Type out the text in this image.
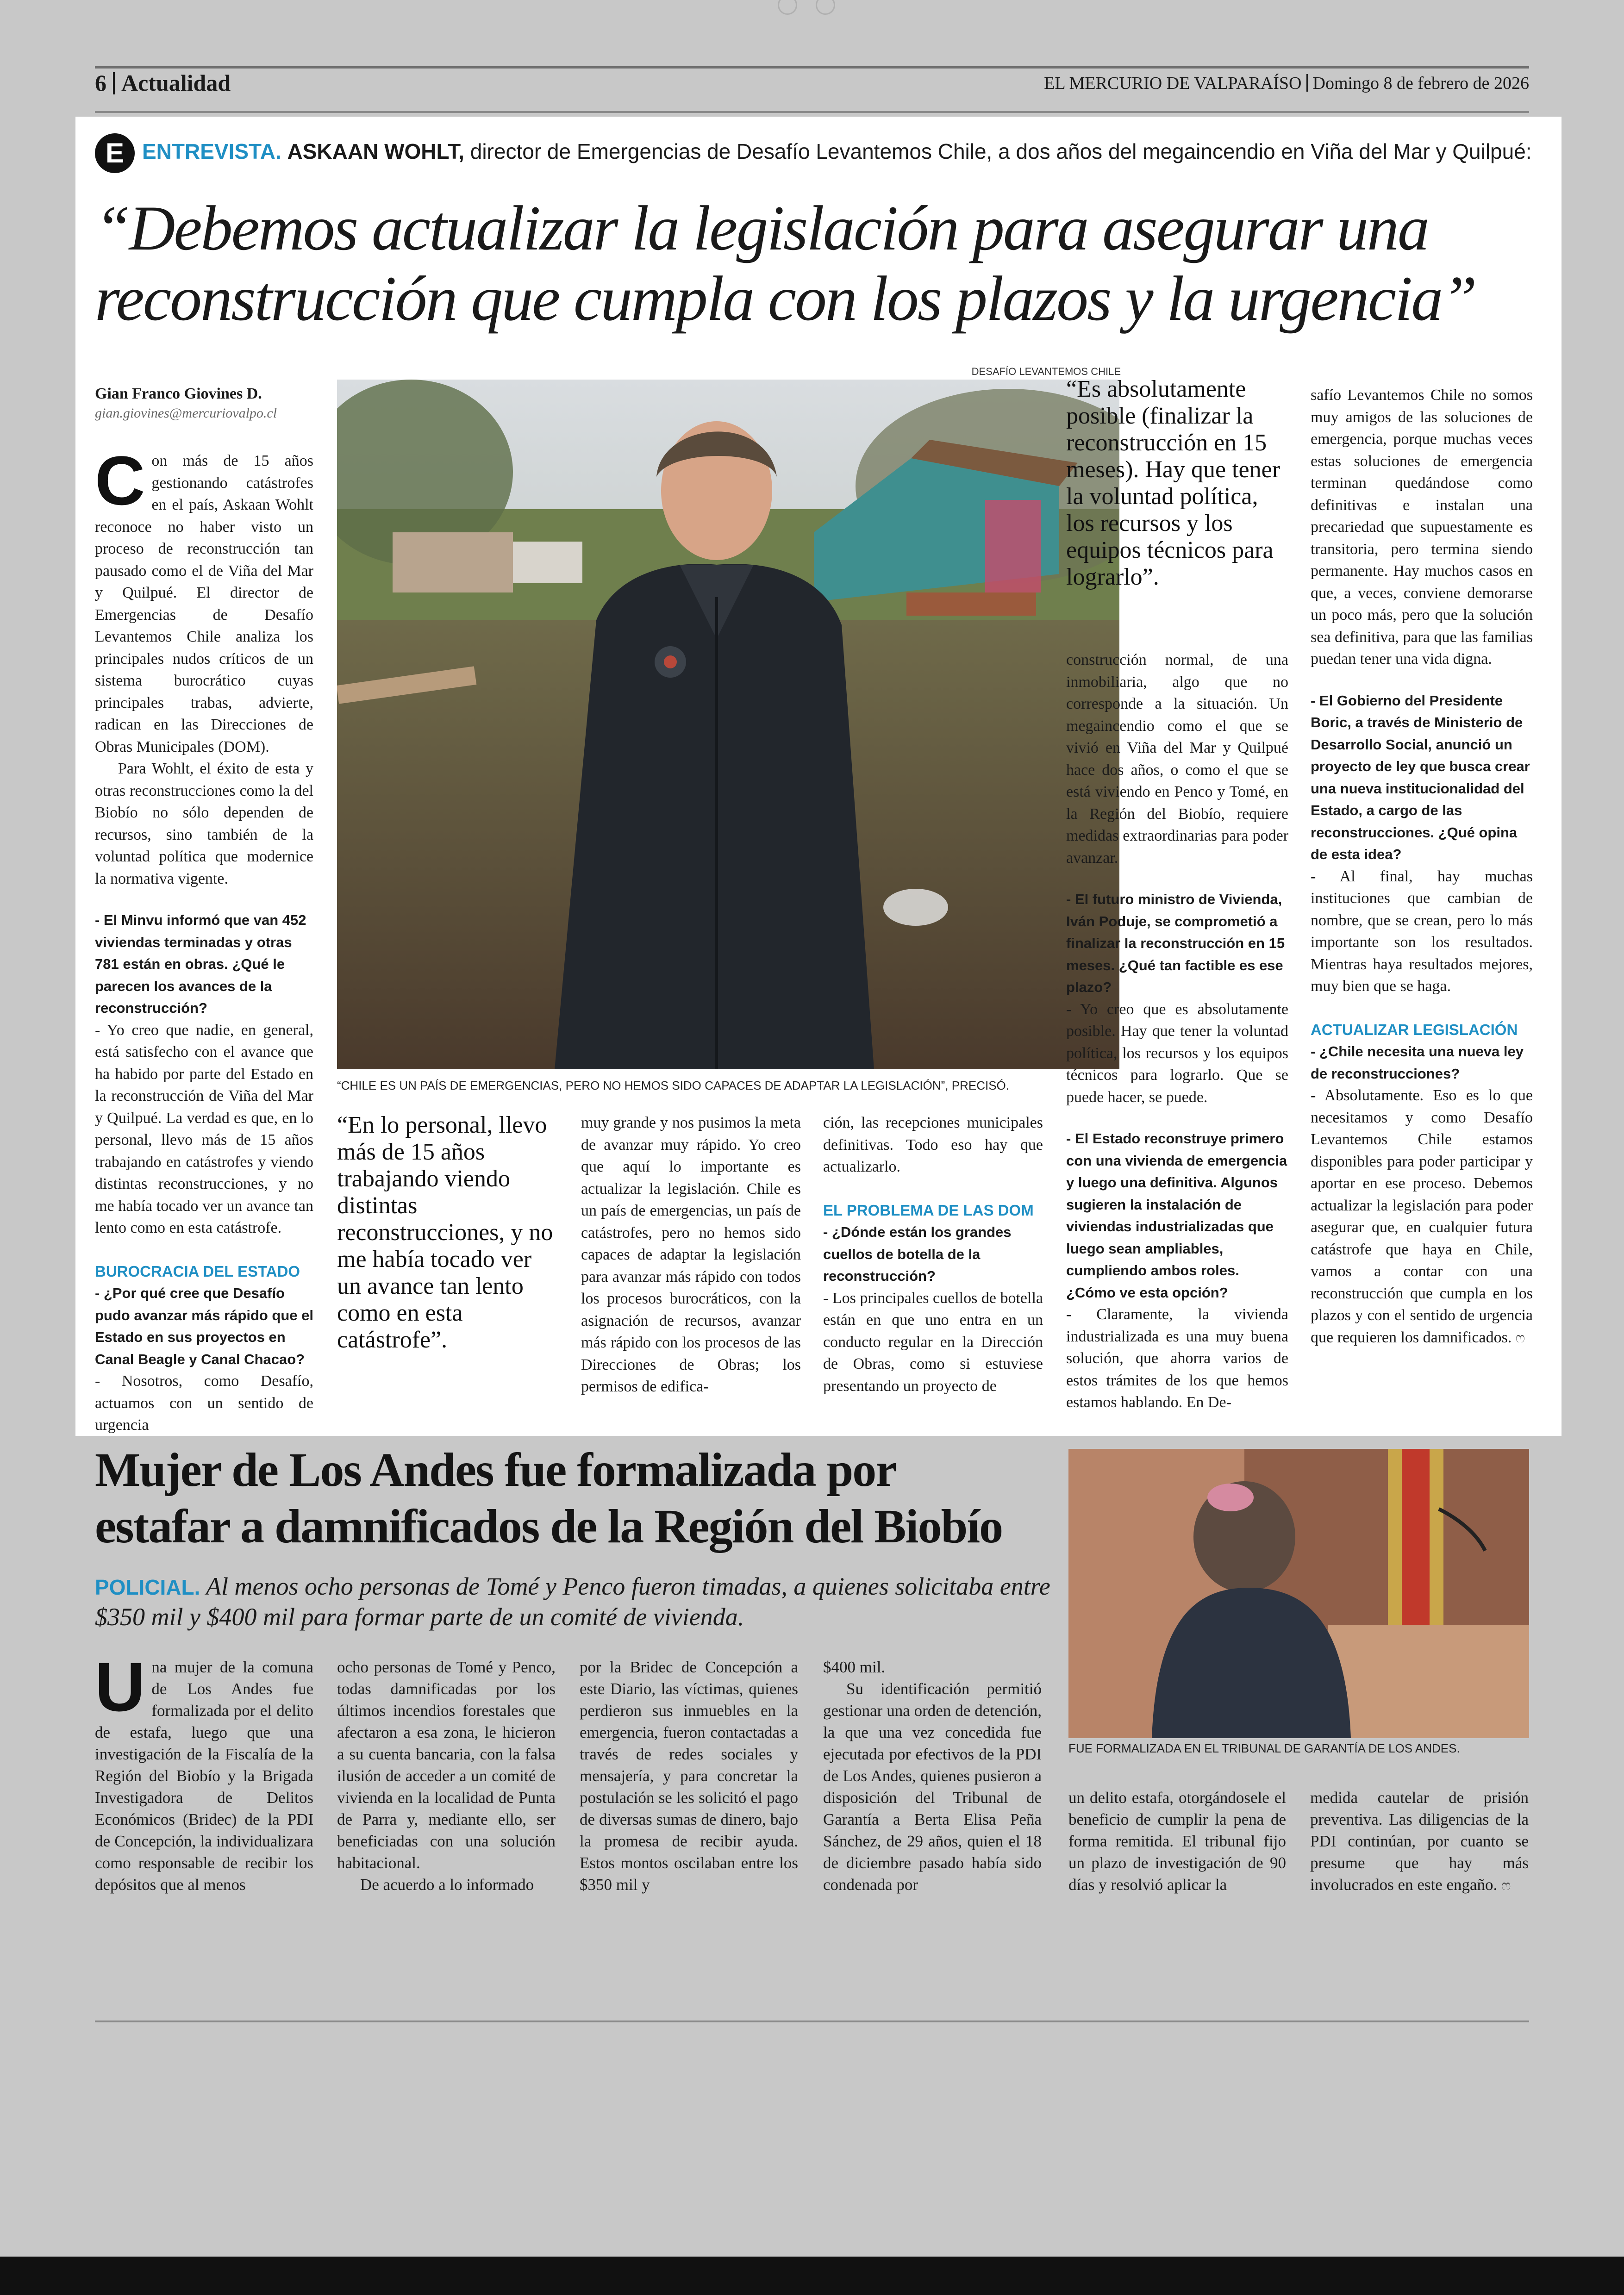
6 Actualidad	EL MERCURIO DE VALPARAÍSO Domingo 8 de febrero de 2026
E ENTREVISTA. ASKAAN WOHLT, director de Emergencias de Desafío Levantemos Chile, a dos años del megaincendio en Viña del Mar y Quilpué:
“Debemos actualizar la legislación para asegurar una
reconstrucción que cumpla con los plazos y la urgencia”
Gian Franco Giovines D.
gian.giovines@mercuriovalpo.cl

Con más de 15 años gestionando catástrofes en el país, Askaan Wohlt reconoce no haber visto un proceso de reconstrucción tan pausado como el de Viña del Mar y Quilpué. El director de Emergencias de Desafío Levantemos Chile analiza los principales nudos críticos de un sistema burocrático cuyas principales trabas, advierte, radican en las Direcciones de Obras Municipales (DOM).

Para Wohlt, el éxito de esta y otras reconstrucciones como la del Biobío no sólo dependen de recursos, sino también de la voluntad política que modernice la normativa vigente.

- El Minvu informó que van 452 viviendas terminadas y otras 781 están en obras. ¿Qué le parecen los avances de la reconstrucción?

- Yo creo que nadie, en general, está satisfecho con el avance que ha habido por parte del Estado en la reconstrucción de Viña del Mar y Quilpué. La verdad es que, en lo personal, llevo más de 15 años trabajando en catástrofes y viendo distintas reconstrucciones, y no me había tocado ver un avance tan lento como en esta catástrofe.

BUROCRACIA DEL ESTADO

- ¿Por qué cree que Desafío pudo avanzar más rápido que el Estado en sus proyectos en Canal Beagle y Canal Chacao?

- Nosotros, como Desafío, actuamos con un sentido de urgencia

DESAFÍO LEVANTEMOS CHILE
“CHILE ES UN PAÍS DE EMERGENCIAS, PERO NO HEMOS SIDO CAPACES DE ADAPTAR LA LEGISLACIÓN”, PRECISÓ.
“En lo personal, llevo más de 15 años trabajando viendo distintas reconstrucciones, y no me había tocado ver un avance tan lento como en esta catástrofe”.

muy grande y nos pusimos la meta de avanzar muy rápido. Yo creo que aquí lo importante es actualizar la legislación. Chile es un país de emergencias, un país de catástrofes, pero no hemos sido capaces de adaptar la legislación para avanzar más rápido con todos los procesos burocráticos, con la asignación de recursos, avanzar más rápido con los procesos de las Direcciones de Obras; los permisos de edifica-

ción, las recepciones municipales definitivas. Todo eso hay que actualizarlo.

EL PROBLEMA DE LAS DOM

- ¿Dónde están los grandes cuellos de botella de la reconstrucción?

- Los principales cuellos de botella están en que uno entra en un conducto regular en la Dirección de Obras, como si estuviese presentando un proyecto de

“Es absolutamente posible (finalizar la reconstrucción en 15 meses). Hay que tener la voluntad política, los recursos y los equipos técnicos para lograrlo”.

construcción normal, de una inmobiliaria, algo que no corresponde a la situación. Un megaincendio como el que se vivió en Viña del Mar y Quilpué hace dos años, o como el que se está viviendo en Penco y Tomé, en la Región del Biobío, requiere medidas extraordinarias para poder avanzar.

- El futuro ministro de Vivienda, Iván Poduje, se comprometió a finalizar la reconstrucción en 15 meses. ¿Qué tan factible es ese plazo?

- Yo creo que es absolutamente posible. Hay que tener la voluntad política, los recursos y los equipos técnicos para lograrlo. Que se puede hacer, se puede.

- El Estado reconstruye primero con una vivienda de emergencia y luego una definitiva. Algunos sugieren la instalación de viviendas industrializadas que luego sean ampliables, cumpliendo ambos roles. ¿Cómo ve esta opción?

- Claramente, la vivienda industrializada es una muy buena solución, que ahorra varios de estos trámites de los que hemos estamos hablando. En De-

safío Levantemos Chile no somos muy amigos de las soluciones de emergencia, porque muchas veces estas soluciones de emergencia terminan quedándose como definitivas e instalan una precariedad que supuestamente es transitoria, pero termina siendo permanente. Hay muchos casos en que, a veces, conviene demorarse un poco más, pero que la solución sea definitiva, para que las familias puedan tener una vida digna.

- El Gobierno del Presidente Boric, a través de Ministerio de Desarrollo Social, anunció un proyecto de ley que busca crear una nueva institucionalidad del Estado, a cargo de las reconstrucciones. ¿Qué opina de esta idea?

- Al final, hay muchas instituciones que cambian de nombre, que se crean, pero lo más importante son los resultados. Mientras haya resultados mejores, muy bien que se haga.

ACTUALIZAR LEGISLACIÓN

- ¿Chile necesita una nueva ley de reconstrucciones?

- Absolutamente. Eso es lo que necesitamos y como Desafío Levantemos Chile estamos disponibles para poder participar y aportar en ese proceso. Debemos actualizar la legislación para poder asegurar que, en cualquier futura catástrofe que haya en Chile, vamos a contar con una reconstrucción que cumpla en los plazos y con el sentido de urgencia que requieren los damnificados. ෆ

Mujer de Los Andes fue formalizada por
estafar a damnificados de la Región del Biobío
POLICIAL. Al menos ocho personas de Tomé y Penco fueron timadas, a quienes solicitaba entre $350 mil y $400 mil para formar parte de un comité de vivienda.
FUE FORMALIZADA EN EL TRIBUNAL DE GARANTÍA DE LOS ANDES.

Una mujer de la comuna de Los Andes fue formalizada por el delito de estafa, luego que una investigación de la Fiscalía de la Región del Biobío y la Brigada Investigadora de Delitos Económicos (Bridec) de la PDI de Concepción, la individualizara como responsable de recibir los depósitos que al menos

ocho personas de Tomé y Penco, todas damnificadas por los últimos incendios forestales que afectaron a esa zona, le hicieron a su cuenta bancaria, con la falsa ilusión de acceder a un comité de vivienda en la localidad de Punta de Parra y, mediante ello, ser beneficiadas con una solución habitacional.

De acuerdo a lo informado

por la Bridec de Concepción a este Diario, las víctimas, quienes perdieron sus inmuebles en la emergencia, fueron contactadas a través de redes sociales y mensajería, y para concretar la postulación se les solicitó el pago de diversas sumas de dinero, bajo la promesa de recibir ayuda. Estos montos oscilaban entre los $350 mil y

$400 mil.

Su identificación permitió gestionar una orden de detención, la que una vez concedida fue ejecutada por efectivos de la PDI de Los Andes, quienes pusieron a disposición del Tribunal de Garantía a Berta Elisa Peña Sánchez, de 29 años, quien el 18 de diciembre pasado había sido condenada por

un delito estafa, otorgándosele el beneficio de cumplir la pena de forma remitida. El tribunal fijo un plazo de investigación de 90 días y resolvió aplicar la

medida cautelar de prisión preventiva. Las diligencias de la PDI continúan, por cuanto se presume que hay más involucrados en este engaño. ෆ
